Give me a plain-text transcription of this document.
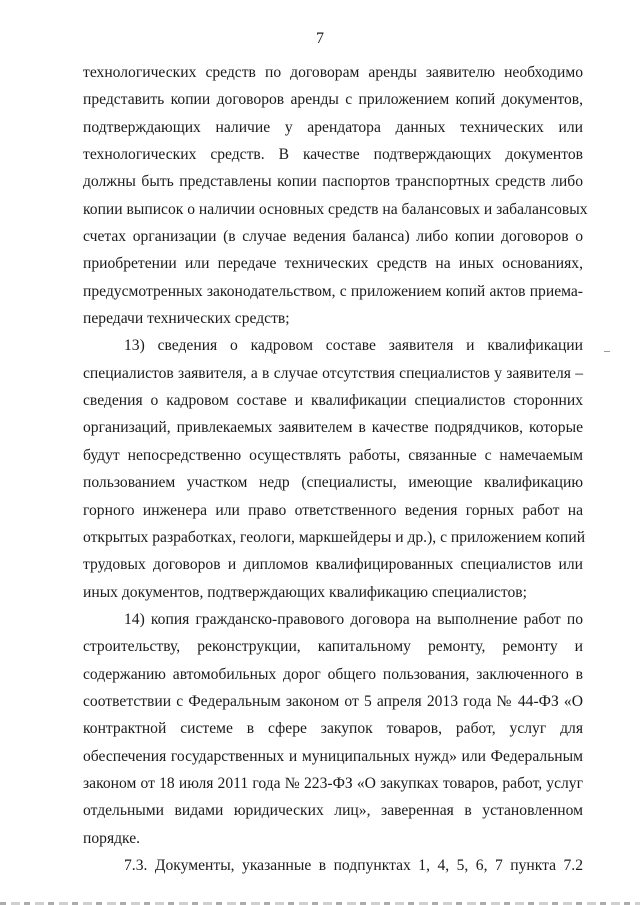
7
технологических средств по договорам аренды заявителю необходимо
представить копии договоров аренды с приложением копий документов,
подтверждающих наличие у арендатора данных технических или
технологических средств. В качестве подтверждающих документов
должны быть представлены копии паспортов транспортных средств либо
копии выписок о наличии основных средств на балансовых и забалансовых
счетах организации (в случае ведения баланса) либо копии договоров о
приобретении или передаче технических средств на иных основаниях,
предусмотренных законодательством, с приложением копий актов приема-
передачи технических средств;
13) сведения о кадровом составе заявителя и квалификации
специалистов заявителя, а в случае отсутствия специалистов у заявителя –
сведения о кадровом составе и квалификации специалистов сторонних
организаций, привлекаемых заявителем в качестве подрядчиков, которые
будут непосредственно осуществлять работы, связанные с намечаемым
пользованием участком недр (специалисты, имеющие квалификацию
горного инженера или право ответственного ведения горных работ на
открытых разработках, геологи, маркшейдеры и др.), с приложением копий
трудовых договоров и дипломов квалифицированных специалистов или
иных документов, подтверждающих квалификацию специалистов;
14) копия гражданско-правового договора на выполнение работ по
строительству, реконструкции, капитальному ремонту, ремонту и
содержанию автомобильных дорог общего пользования, заключенного в
соответствии с Федеральным законом от 5 апреля 2013 года № 44-ФЗ «О
контрактной системе в сфере закупок товаров, работ, услуг для
обеспечения государственных и муниципальных нужд» или Федеральным
законом от 18 июля 2011 года № 223-ФЗ «О закупках товаров, работ, услуг
отдельными видами юридических лиц», заверенная в установленном
порядке.
7.3. Документы, указанные в подпунктах 1, 4, 5, 6, 7 пункта 7.2
–
